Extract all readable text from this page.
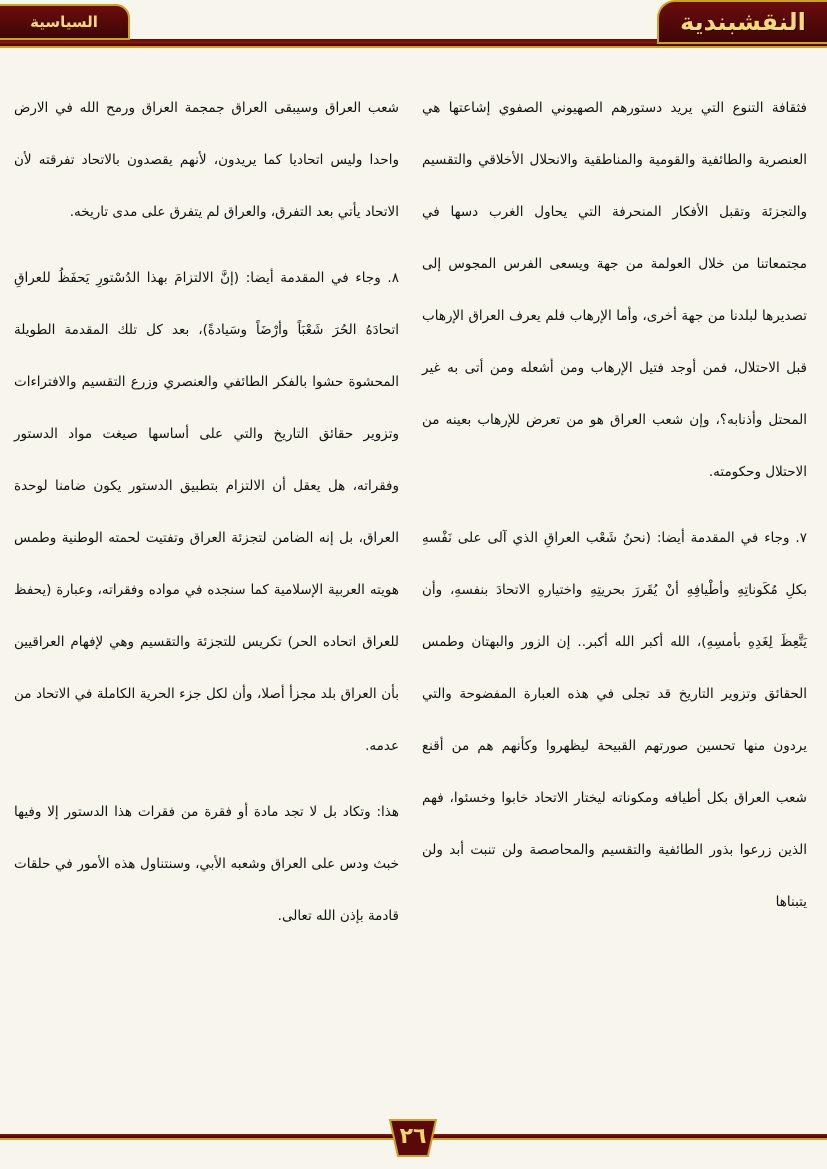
السياسية	النقشبندية

فثقافة التنوع التي يريد دستورهم الصهيوني الصفوي إشاعتها هي العنصرية والطائفية والقومية والمناطقية والانحلال الأخلاقي والتقسيم والتجزئة وتقبل الأفكار المنحرفة التي يحاول الغرب دسها في مجتمعاتنا من خلال العولمة من جهة ويسعى الفرس المجوس إلى تصديرها لبلدنا من جهة أخرى، وأما الإرهاب فلم يعرف العراق الإرهاب قبل الاحتلال، فمن أوجد فتيل الإرهاب ومن أشعله ومن أتى به غير المحتل وأذنابه؟، وإن شعب العراق هو من تعرض للإرهاب بعينه من الاحتلال وحكومته.

٧. وجاء في المقدمة أيضا: (نحنُ شَعْب العراقِ الذي آلى على نَفْسهِ بكلِ مُكَوناتِهِ وأطْيافِهِ أنْ يُقَررَ بحريتِهِ واختيارهِ الاتحادَ بنفسهِ، وأن يَتَّعِظَ لِغَدِهِ بأمسِهِ)، الله أكبر الله أكبر.. إن الزور والبهتان وطمس الحقائق وتزوير التاريخ قد تجلى في هذه العبارة المفضوحة والتي يردون منها تحسين صورتهم القبيحة ليظهروا وكأنهم هم من أقنع شعب العراق بكل أطيافه ومكوناته ليختار الاتحاد خابوا وخسئوا، فهم الذين زرعوا بذور الطائفية والتقسيم والمحاصصة ولن تنبت أبد ولن يتبناها

شعب العراق وسيبقى العراق جمجمة العراق ورمح الله في الارض واحدا وليس اتحاديا كما يريدون، لأنهم يقصدون بالاتحاد تفرقته لأن الاتحاد يأتي بعد التفرق، والعراق لم يتفرق على مدى تاريخه.

٨. وجاء في المقدمة أيضا: (إنَّ الالتزامَ بهذا الدُسْتورِ يَحفَظُ للعراقِ اتحادَهُ الحُرَ شَعْبَاً وأرْضَاً وسَيادةً)، بعد كل تلك المقدمة الطويلة المحشوة حشوا بالفكر الطائفي والعنصري وزرع التقسيم والافتراءات وتزوير حقائق التاريخ والتي على أساسها صيغت مواد الدستور وفقراته، هل يعقل أن الالتزام بتطبيق الدستور يكون ضامنا لوحدة العراق، بل إنه الضامن لتجزئة العراق وتفتيت لحمته الوطنية وطمس هويته العربية الإسلامية كما سنجده في مواده وفقراته، وعبارة (يحفظ للعراق اتحاده الحر) تكريس للتجزئة والتقسيم وهي لإفهام العراقيين بأن العراق بلد مجزأ أصلا، وأن لكل جزء الحرية الكاملة في الاتحاد من عدمه.

هذا: وتكاد بل لا تجد مادة أو فقرة من فقرات هذا الدستور إلا وفيها خبث ودس على العراق وشعبه الأبي، وسنتناول هذه الأمور في حلقات قادمة بإذن الله تعالى.

٢٦
